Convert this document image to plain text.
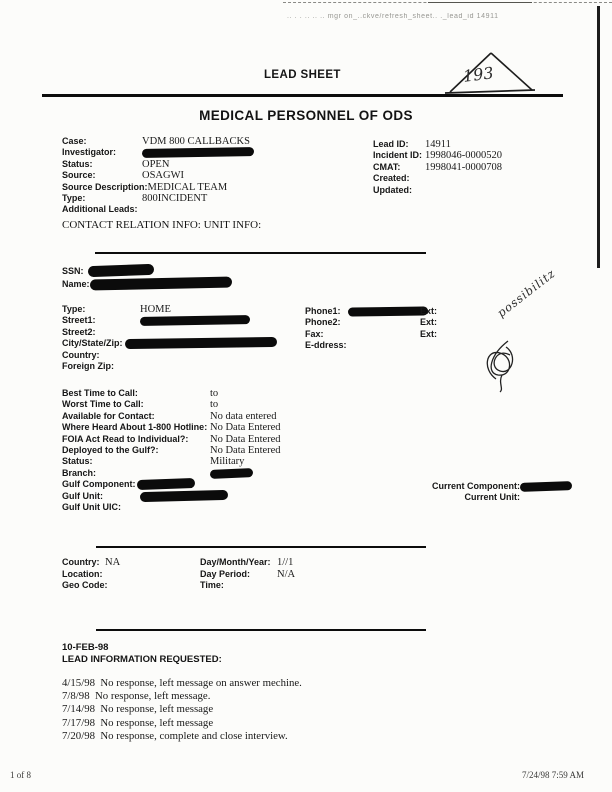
.. . . .. .. .. mgr on_..ckve/refresh_sheet.. ._lead_id 14911
LEAD SHEET	193
MEDICAL PERSONNEL OF ODS
Case:	VDM 800 CALLBACKS
Investigator:
Status:	OPEN
Source:	OSAGWI
Source Description: MEDICAL TEAM
Type:	800INCIDENT
Additional Leads:
CONTACT RELATION INFO: UNIT INFO:
Lead ID:	14911
Incident ID: 1998046-0000520
CMAT:	1998041-0000708
Created:
Updated:
SSN:
Name:
Type:	HOME
Street1:
Street2:
City/State/Zip:
Country:
Foreign Zip:
Phone1:	Ext:
Phone2:	Ext:
Fax:	Ext:
E-ddress:
possibilitz
Best Time to Call:	to
Worst Time to Call:	to
Available for Contact:	No data entered
Where Heard About 1-800 Hotline: No Data Entered
FOIA Act Read to Individual?:	No Data Entered
Deployed to the Gulf?:	No Data Entered
Status:	Military
Branch:
Gulf Component:
Gulf Unit:
Gulf Unit UIC:
Current Component:
Current Unit:
Country: NA
Location:
Geo Code:
Day/Month/Year: 1//1
Day Period:	N/A
Time:
10-FEB-98
LEAD INFORMATION REQUESTED:
4/15/98  No response, left message on answer mechine.
7/8/98  No response, left message.
7/14/98  No response, left message
7/17/98  No response, left message
7/20/98  No response, complete and close interview.
1 of 8	7/24/98 7:59 AM
